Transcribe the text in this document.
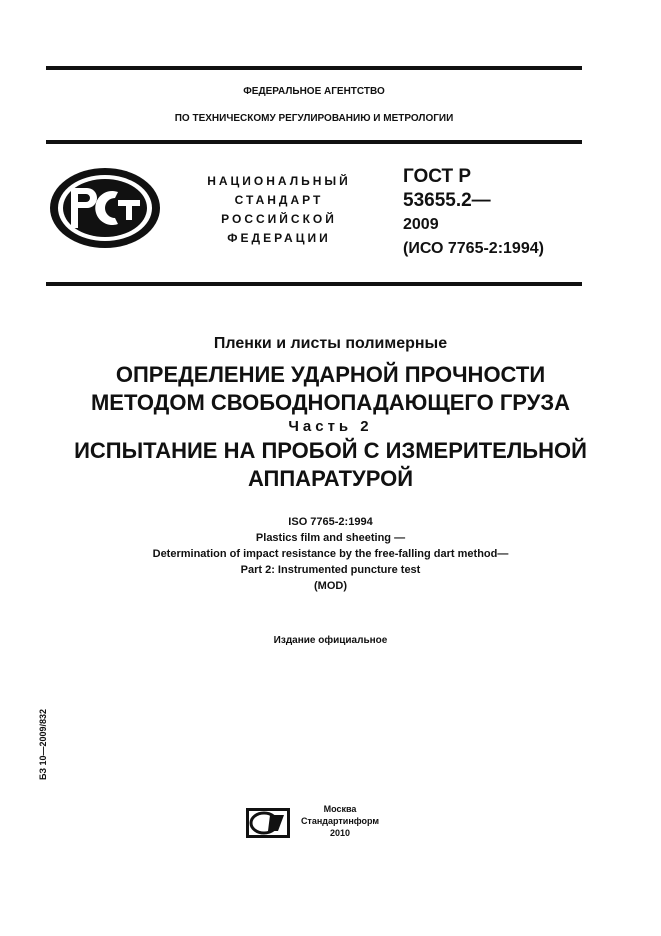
ФЕДЕРАЛЬНОЕ АГЕНТСТВО
ПО ТЕХНИЧЕСКОМУ РЕГУЛИРОВАНИЮ И МЕТРОЛОГИИ
НАЦИОНАЛЬНЫЙ
СТАНДАРТ
РОССИЙСКОЙ
ФЕДЕРАЦИИ
ГОСТ Р
53655.2—
2009
(ИСО 7765-2:1994)
Пленки и листы полимерные
ОПРЕДЕЛЕНИЕ УДАРНОЙ ПРОЧНОСТИ
МЕТОДОМ СВОБОДНОПАДАЮЩЕГО ГРУЗА
Часть 2
ИСПЫТАНИЕ НА ПРОБОЙ С ИЗМЕРИТЕЛЬНОЙ
АППАРАТУРОЙ
ISO 7765-2:1994
Plastics film and sheeting —
Determination of impact resistance by the free-falling dart method—
Part 2: Instrumented puncture test
(MOD)
Издание официальное
БЗ 10—2009/832
Москва
Стандартинформ
2010
